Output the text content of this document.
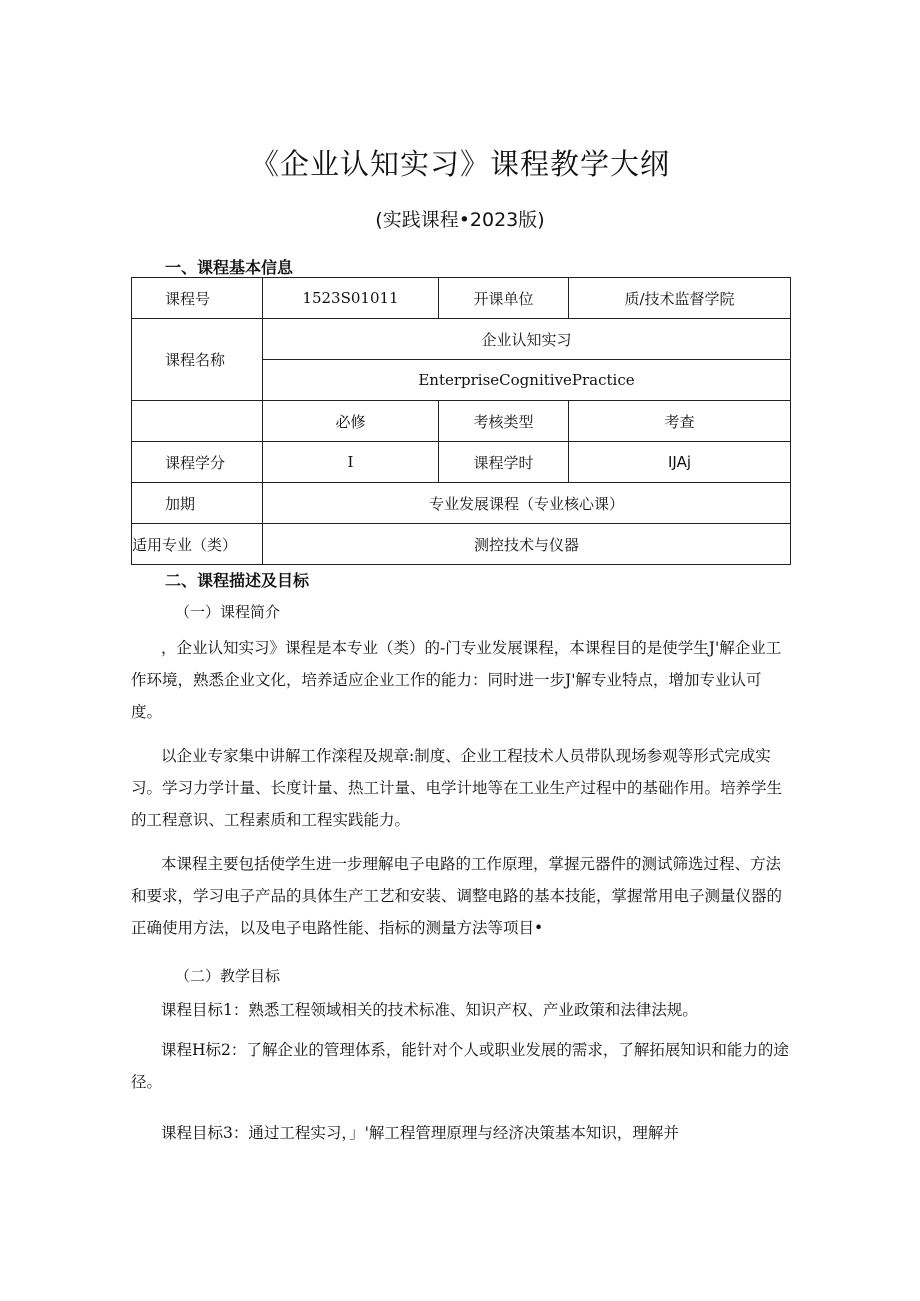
《企业认知实习》课程教学大纲
(实践课程•2023版)
一、课程基本信息
课程号	1523S01011	开课单位	质/技术监督学院
课程名称	企业认知实习		
	EnterpriseCognitivePractice		
	必修	考核类型	考查
课程学分	I	课程学时	IJAj
加期	专业发展课程（专业核心课）		
适用专业（类）	测控技术与仪器		
二、课程描述及目标
（一）课程简介

，企业认知实习》课程是本专业（类）的-门专业发展课程，本课程目的是使学生J'解企业工作环境，熟悉企业文化，培养适应企业工作的能力：同时进一步J'解专业特点，增加专业认可度。

以企业专家集中讲解工作滦程及规章:制度、企业工程技术人员带队现场参观等形式完成实习。学习力学计量、长度计量、热工计量、电学计地等在工业生产过程中的基础作用。培养学生的工程意识、工程素质和工程实践能力。

本课程主要包括使学生进一步理解电子电路的工作原理，掌握元器件的测试筛选过程、方法和要求，学习电子产品的具体生产工艺和安装、调整电路的基本技能，掌握常用电子测量仪器的正确使用方法，以及电子电路性能、指标的测量方法等项目•

（二）教学目标

课程目标1：熟悉工程领域相关的技术标准、知识产权、产业政策和法律法规。

课程H标2：了解企业的管理体系，能针对个人或职业发展的需求，了解拓展知识和能力的途径。

课程目标3：通过工程实习，」'解工程管理原理与经济决策基本知识，理解并
